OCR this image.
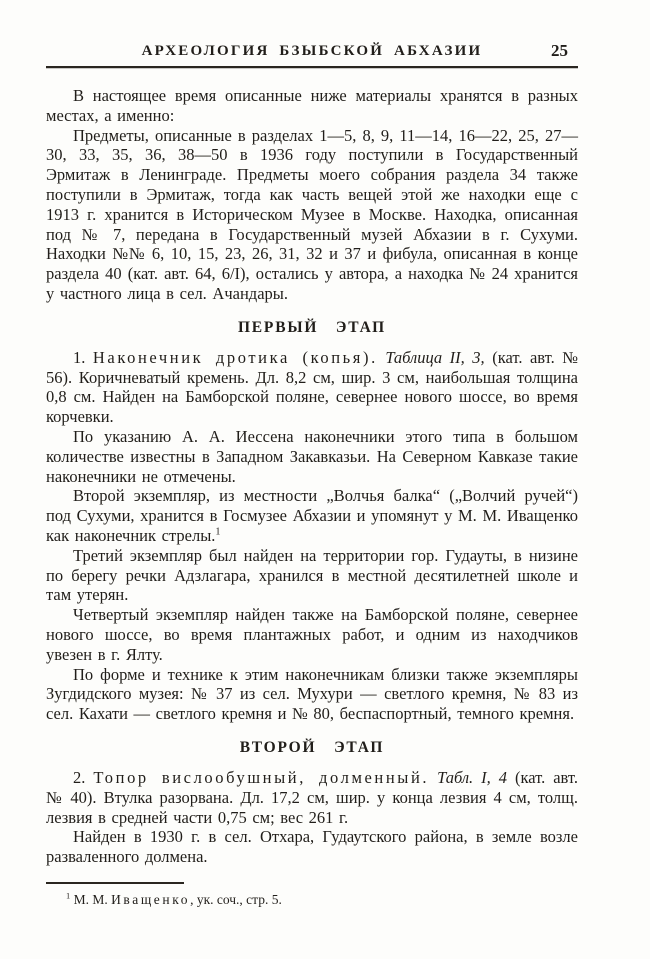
АРХЕОЛОГИЯ БЗЫБСКОЙ АБХАЗИИ	25

В настоящее время описанные ниже материалы хранятся в разных местах, а именно:

Предметы, описанные в разделах 1—5, 8, 9, 11—14, 16—22, 25, 27—30, 33, 35, 36, 38—50 в 1936 году поступили в Государственный Эрмитаж в Ленинграде. Предметы моего собрания раздела 34 также поступили в Эрмитаж, тогда как часть вещей этой же находки еще с 1913 г. хранится в Историческом Музее в Москве. Находка, описанная под № 7, передана в Государственный музей Абхазии в г. Сухуми. Находки №№ 6, 10, 15, 23, 26, 31, 32 и 37 и фибула, описанная в конце раздела 40 (кат. авт. 64, 6/I), остались у автора, а находка № 24 хранится у частного лица в сел. Ачандары.

ПЕРВЫЙ ЭТАП

1. Наконечник дротика (копья). Таблица II, 3, (кат. авт. № 56). Коричневатый кремень. Дл. 8,2 см, шир. 3 см, наибольшая толщина 0,8 см. Найден на Бамборской поляне, севернее нового шоссе, во время корчевки.

По указанию А. А. Иессена наконечники этого типа в большом количестве известны в Западном Закавказьи. На Северном Кавказе такие наконечники не отмечены.

Второй экземпляр, из местности „Волчья балка“ („Волчий ручей“) под Сухуми, хранится в Госмузее Абхазии и упомянут у М. М. Иващенко как наконечник стрелы.$^1$

Третий экземпляр был найден на территории гор. Гудауты, в низине по берегу речки Адзлагара, хранился в местной десятилетней школе и там утерян.

Четвертый экземпляр найден также на Бамборской поляне, севернее нового шоссе, во время плантажных работ, и одним из находчиков увезен в г. Ялту.

По форме и технике к этим наконечникам близки также экземпляры Зугдидского музея: № 37 из сел. Мухури — светлого кремня, № 83 из сел. Кахати — светлого кремня и № 80, беспаспортный, темного кремня.

ВТОРОЙ ЭТАП

2. Топор вислообушный, долменный. Табл. I, 4 (кат. авт. № 40). Втулка разорвана. Дл. 17,2 см, шир. у конца лезвия 4 см, толщ. лезвия в средней части 0,75 см; вес 261 г.

Найден в 1930 г. в сел. Отхара, Гудаутского района, в земле возле разваленного долмена.

$^1$ М. М. Иващенко, ук. соч., стр. 5.
